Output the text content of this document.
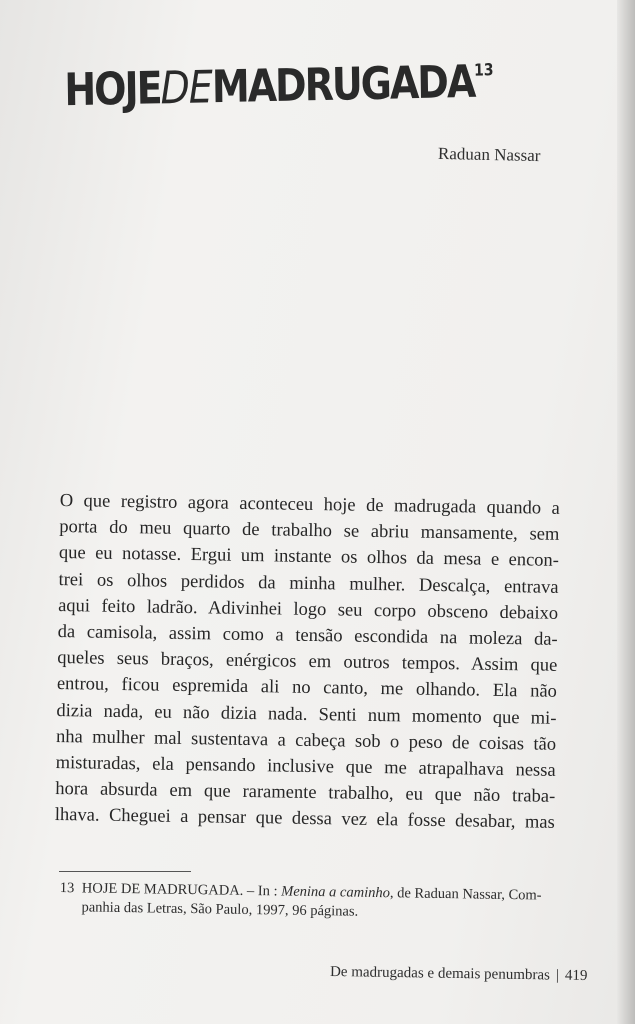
HOJEDEMADRUGADA$^{13}$
Raduan Nassar
O que registro agora aconteceu hoje de madrugada quando a
porta do meu quarto de trabalho se abriu mansamente, sem
que eu notasse. Ergui um instante os olhos da mesa e encon-
trei os olhos perdidos da minha mulher. Descalça, entrava
aqui feito ladrão. Adivinhei logo seu corpo obsceno debaixo
da camisola, assim como a tensão escondida na moleza da-
queles seus braços, enérgicos em outros tempos. Assim que
entrou, ficou espremida ali no canto, me olhando. Ela não
dizia nada, eu não dizia nada. Senti num momento que mi-
nha mulher mal sustentava a cabeça sob o peso de coisas tão
misturadas, ela pensando inclusive que me atrapalhava nessa
hora absurda em que raramente trabalho, eu que não traba-
lhava. Cheguei a pensar que dessa vez ela fosse desabar, mas
13 HOJE DE MADRUGADA. – In : Menina a caminho, de Raduan Nassar, Com-
panhia das Letras, São Paulo, 1997, 96 páginas.
De madrugadas e demais penumbras | 419
